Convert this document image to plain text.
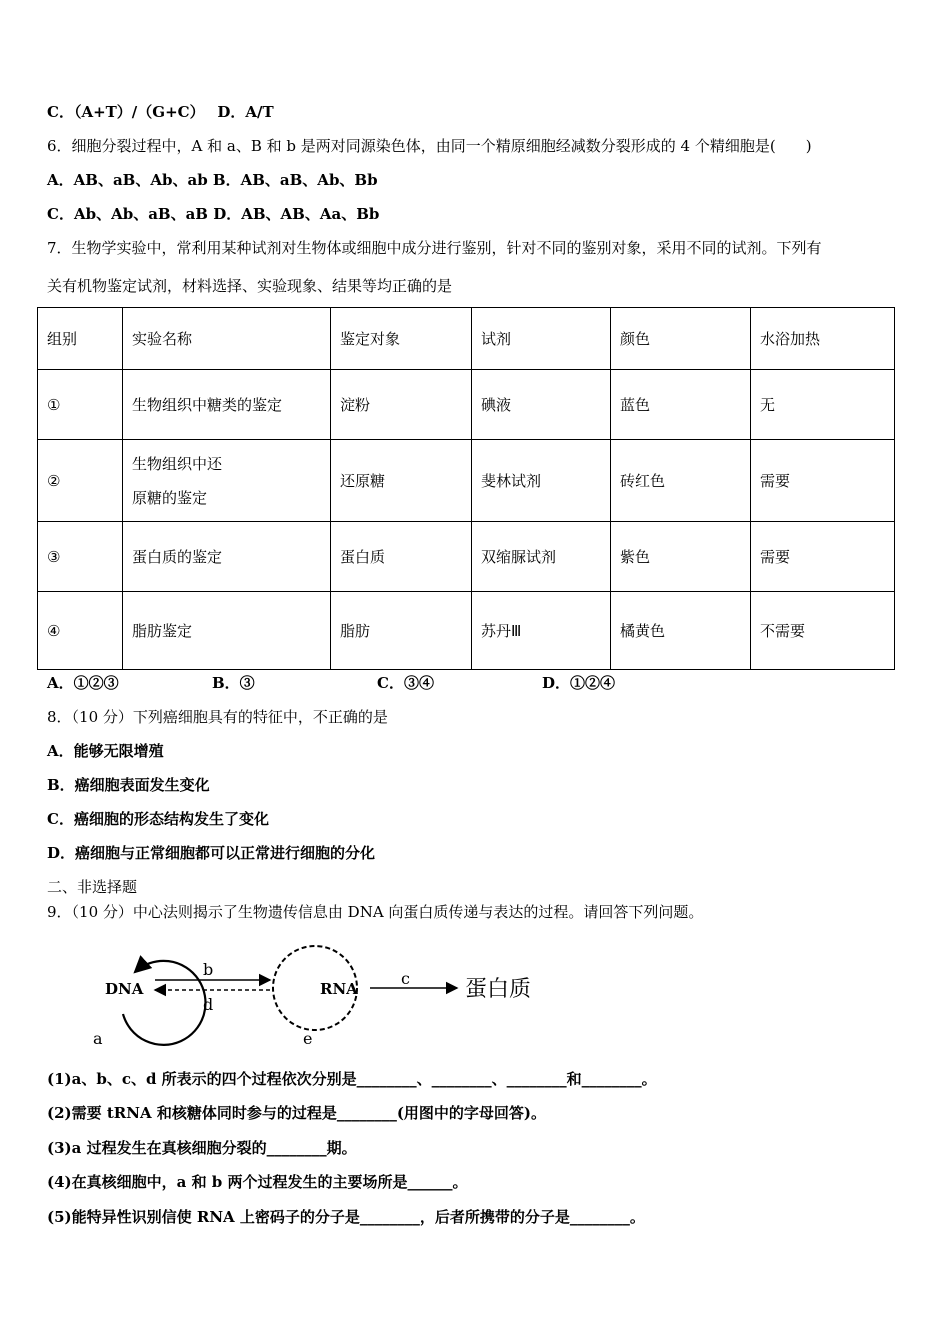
C．（A+T）/（G+C）　 D．A/T
6．细胞分裂过程中，A 和 a、B 和 b 是两对同源染色体，由同一个精原细胞经减数分裂形成的 4 个精细胞是(　　)
A．AB、aB、Ab、ab B．AB、aB、Ab、Bb
C．Ab、Ab、aB、aB D．AB、AB、Aa、Bb
7．生物学实验中，常利用某种试剂对生物体或细胞中成分进行鉴别，针对不同的鉴别对象，采用不同的试剂。下列有
关有机物鉴定试剂，材料选择、实验现象、结果等均正确的是
组别	实验名称	鉴定对象	试剂	颜色	水浴加热
①	生物组织中糖类的鉴定	淀粉	碘液	蓝色	无
②	生物组织中还
原糖的鉴定	还原糖	斐林试剂	砖红色	需要
③	蛋白质的鉴定	蛋白质	双缩脲试剂	紫色	需要
④	脂肪鉴定	脂肪	苏丹Ⅲ	橘黄色	不需要
A．①②③	B．③	C．③④	D．①②④
8．（10 分）下列癌细胞具有的特征中，不正确的是
A．能够无限增殖
B．癌细胞表面发生变化
C．癌细胞的形态结构发生了变化
D．癌细胞与正常细胞都可以正常进行细胞的分化
二、非选择题
9．（10 分）中心法则揭示了生物遗传信息由 DNA 向蛋白质传递与表达的过程。请回答下列问题。
DNA
b
d
RNA
c	蛋白质
a	e
(1)a、b、c、d 所表示的四个过程依次分别是________、________、________和________。
(2)需要 tRNA 和核糖体同时参与的过程是________(用图中的字母回答)。
(3)a 过程发生在真核细胞分裂的________期。
(4)在真核细胞中，a 和 b 两个过程发生的主要场所是______。
(5)能特异性识别信使 RNA 上密码子的分子是________，后者所携带的分子是________。
